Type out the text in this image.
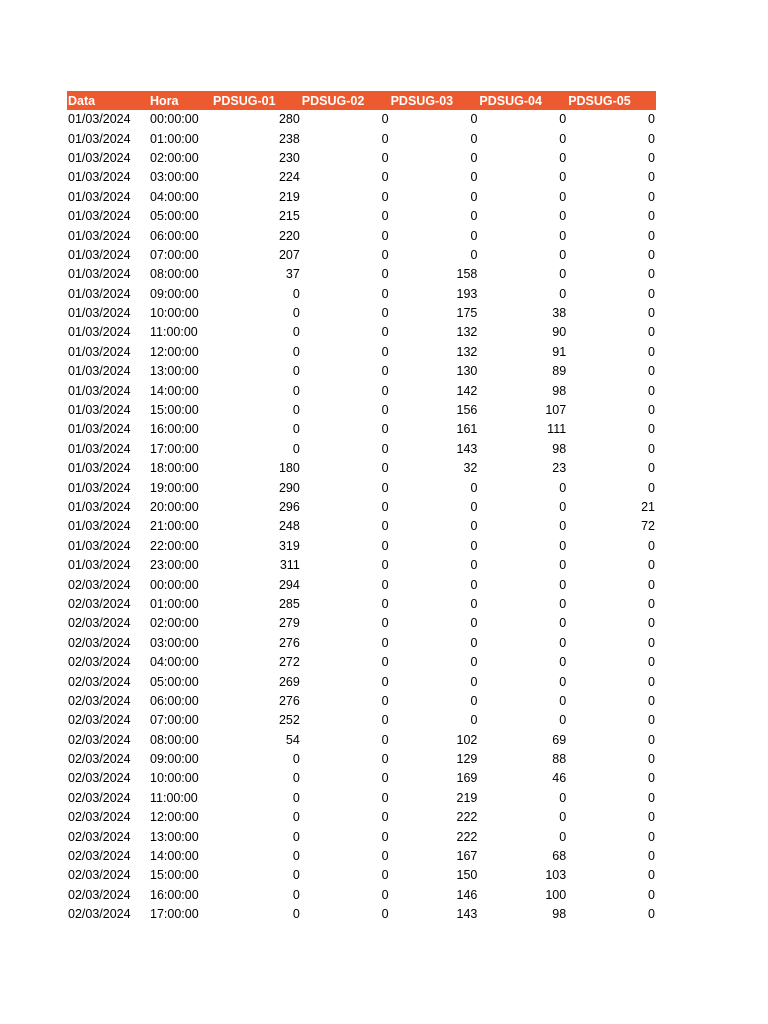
Data	Hora	PDSUG-01	PDSUG-02	PDSUG-03	PDSUG-04	PDSUG-05
01/03/2024	00:00:00	280	0	0	0	0
01/03/2024	01:00:00	238	0	0	0	0
01/03/2024	02:00:00	230	0	0	0	0
01/03/2024	03:00:00	224	0	0	0	0
01/03/2024	04:00:00	219	0	0	0	0
01/03/2024	05:00:00	215	0	0	0	0
01/03/2024	06:00:00	220	0	0	0	0
01/03/2024	07:00:00	207	0	0	0	0
01/03/2024	08:00:00	37	0	158	0	0
01/03/2024	09:00:00	0	0	193	0	0
01/03/2024	10:00:00	0	0	175	38	0
01/03/2024	11:00:00	0	0	132	90	0
01/03/2024	12:00:00	0	0	132	91	0
01/03/2024	13:00:00	0	0	130	89	0
01/03/2024	14:00:00	0	0	142	98	0
01/03/2024	15:00:00	0	0	156	107	0
01/03/2024	16:00:00	0	0	161	111	0
01/03/2024	17:00:00	0	0	143	98	0
01/03/2024	18:00:00	180	0	32	23	0
01/03/2024	19:00:00	290	0	0	0	0
01/03/2024	20:00:00	296	0	0	0	21
01/03/2024	21:00:00	248	0	0	0	72
01/03/2024	22:00:00	319	0	0	0	0
01/03/2024	23:00:00	311	0	0	0	0
02/03/2024	00:00:00	294	0	0	0	0
02/03/2024	01:00:00	285	0	0	0	0
02/03/2024	02:00:00	279	0	0	0	0
02/03/2024	03:00:00	276	0	0	0	0
02/03/2024	04:00:00	272	0	0	0	0
02/03/2024	05:00:00	269	0	0	0	0
02/03/2024	06:00:00	276	0	0	0	0
02/03/2024	07:00:00	252	0	0	0	0
02/03/2024	08:00:00	54	0	102	69	0
02/03/2024	09:00:00	0	0	129	88	0
02/03/2024	10:00:00	0	0	169	46	0
02/03/2024	11:00:00	0	0	219	0	0
02/03/2024	12:00:00	0	0	222	0	0
02/03/2024	13:00:00	0	0	222	0	0
02/03/2024	14:00:00	0	0	167	68	0
02/03/2024	15:00:00	0	0	150	103	0
02/03/2024	16:00:00	0	0	146	100	0
02/03/2024	17:00:00	0	0	143	98	0
